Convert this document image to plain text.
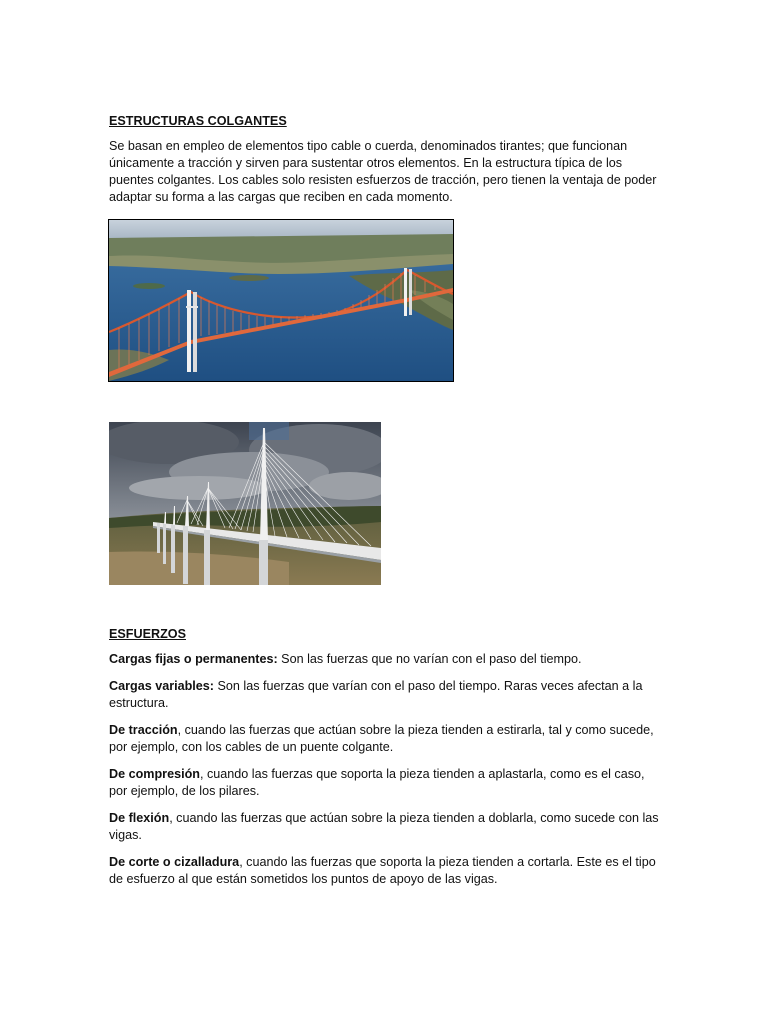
ESTRUCTURAS COLGANTES
Se basan en empleo de elementos tipo cable o cuerda, denominados tirantes; que funcionan únicamente a tracción y sirven para sustentar otros elementos. En la estructura típica de los puentes colgantes. Los cables solo resisten esfuerzos de tracción, pero tienen la ventaja de poder adaptar su forma a las cargas que reciben en cada momento.
ESFUERZOS
Cargas fijas o permanentes: Son las fuerzas que no varían con el paso del tiempo.
Cargas variables: Son las fuerzas que varían con el paso del tiempo. Raras veces afectan a la estructura.
De tracción, cuando las fuerzas que actúan sobre la pieza tienden a estirarla, tal y como sucede, por ejemplo, con los cables de un puente colgante.
De compresión, cuando las fuerzas que soporta la pieza tienden a aplastarla, como es el caso, por ejemplo, de los pilares.
De flexión, cuando las fuerzas que actúan sobre la pieza tienden a doblarla, como sucede con las vigas.
De corte o cizalladura, cuando las fuerzas que soporta la pieza tienden a cortarla. Este es el tipo de esfuerzo al que están sometidos los puntos de apoyo de las vigas.
